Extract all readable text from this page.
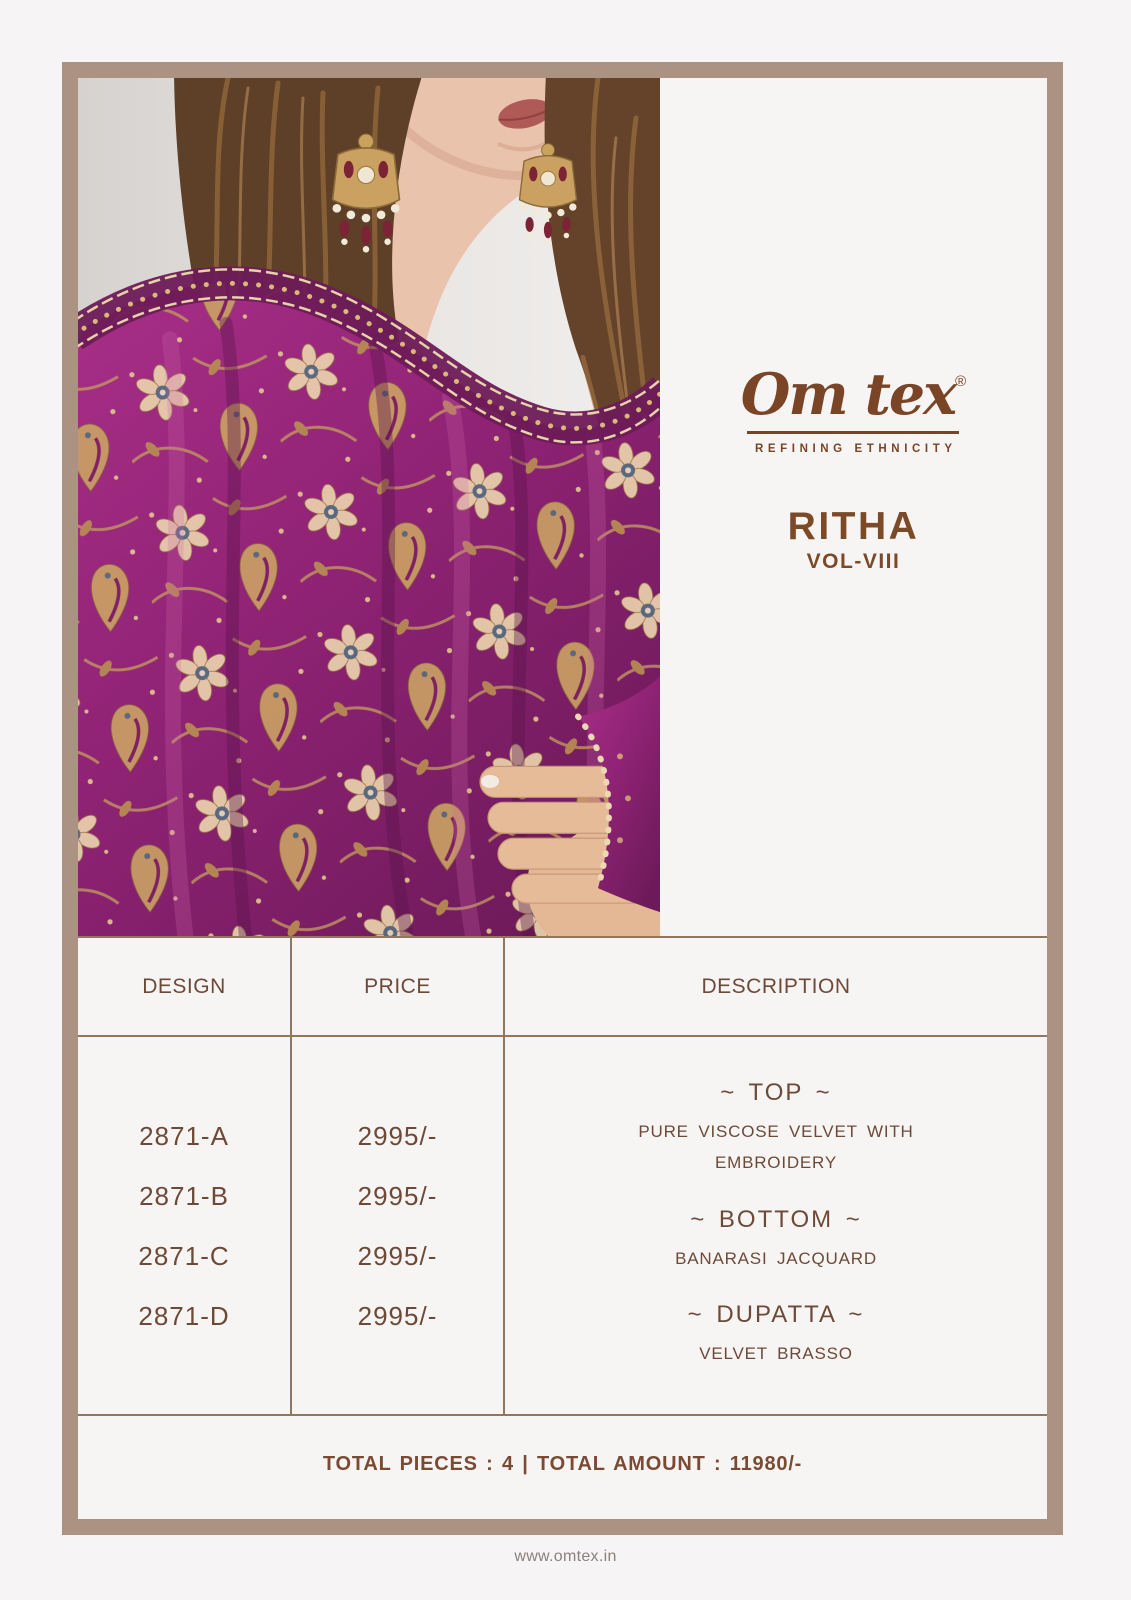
Om tex®
REFINING ETHNICITY
RITHA
VOL-VIII
DESIGN	PRICE	DESCRIPTION
2871-A
2871-B
2871-C
2871-D
2995/-
2995/-
2995/-
2995/-
~ TOP ~
PURE VISCOSE VELVET WITH
EMBROIDERY
~ BOTTOM ~
BANARASI JACQUARD
~ DUPATTA ~
VELVET BRASSO
TOTAL PIECES : 4 | TOTAL AMOUNT : 11980/-
www.omtex.in
